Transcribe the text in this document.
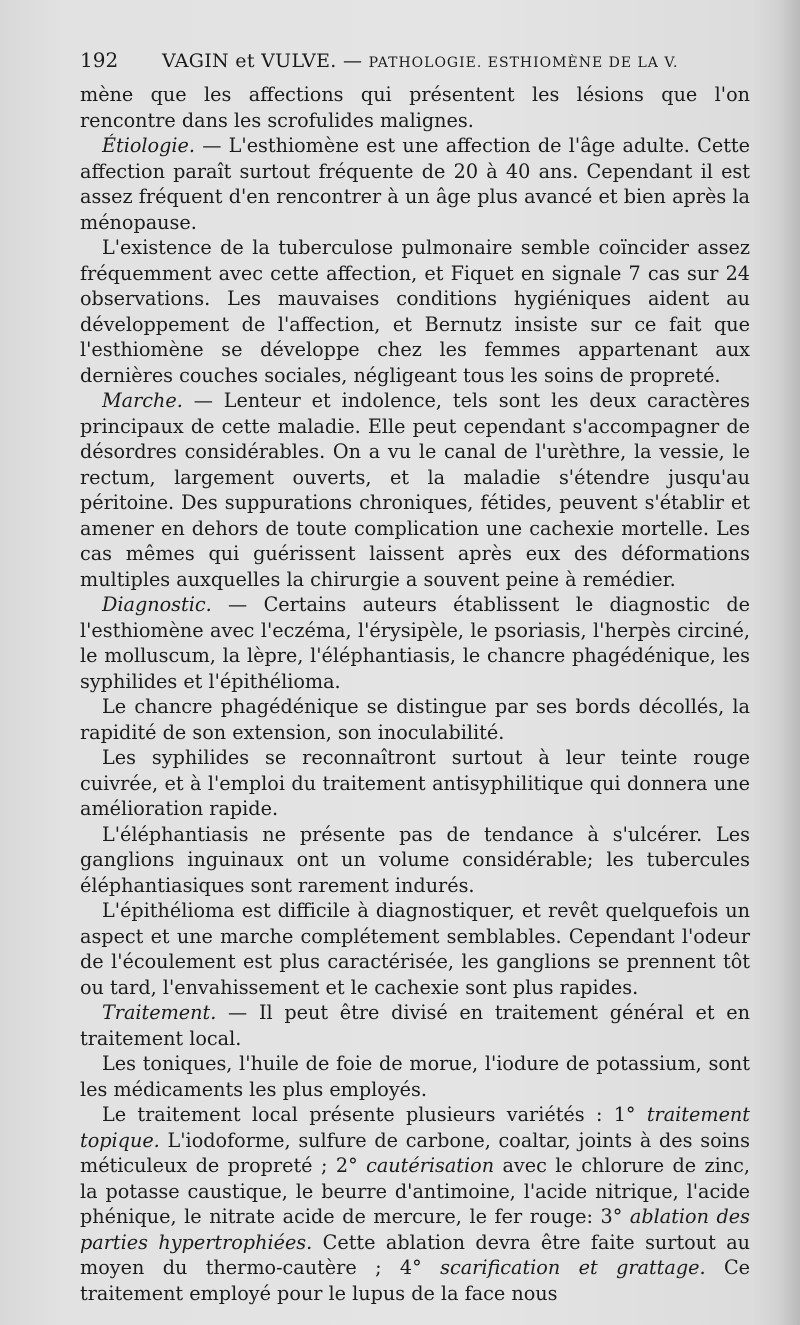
192	VAGIN et VULVE. — PATHOLOGIE. ESTHIOMÈNE DE LA V.

mène que les affections qui présentent les lésions que l'on rencontre dans les scrofulides malignes.

Étiologie. — L'esthiomène est une affection de l'âge adulte. Cette affection paraît surtout fréquente de 20 à 40 ans. Cependant il est assez fréquent d'en rencontrer à un âge plus avancé et bien après la ménopause.

L'existence de la tuberculose pulmonaire semble coïncider assez fréquemment avec cette affection, et Fiquet en signale 7 cas sur 24 observations. Les mauvaises conditions hygiéniques aident au développement de l'affection, et Bernutz insiste sur ce fait que l'esthiomène se développe chez les femmes appartenant aux dernières couches sociales, négligeant tous les soins de propreté.

Marche. — Lenteur et indolence, tels sont les deux caractères principaux de cette maladie. Elle peut cependant s'accompagner de désordres considérables. On a vu le canal de l'urèthre, la vessie, le rectum, largement ouverts, et la maladie s'étendre jusqu'au péritoine. Des suppurations chroniques, fétides, peuvent s'établir et amener en dehors de toute complication une cachexie mortelle. Les cas mêmes qui guérissent laissent après eux des déformations multiples auxquelles la chirurgie a souvent peine à remédier.

Diagnostic. — Certains auteurs établissent le diagnostic de l'esthiomène avec l'eczéma, l'érysipèle, le psoriasis, l'herpès circiné, le molluscum, la lèpre, l'éléphantiasis, le chancre phagédénique, les syphilides et l'épithélioma.

Le chancre phagédénique se distingue par ses bords décollés, la rapidité de son extension, son inoculabilité.

Les syphilides se reconnaîtront surtout à leur teinte rouge cuivrée, et à l'emploi du traitement antisyphilitique qui donnera une amélioration rapide.

L'éléphantiasis ne présente pas de tendance à s'ulcérer. Les ganglions inguinaux ont un volume considérable; les tubercules éléphantiasiques sont rarement indurés.

L'épithélioma est difficile à diagnostiquer, et revêt quelquefois un aspect et une marche complétement semblables. Cependant l'odeur de l'écoulement est plus caractérisée, les ganglions se prennent tôt ou tard, l'envahissement et le cachexie sont plus rapides.

Traitement. — Il peut être divisé en traitement général et en traitement local.

Les toniques, l'huile de foie de morue, l'iodure de potassium, sont les médicaments les plus employés.

Le traitement local présente plusieurs variétés : 1° traitement topique. L'iodoforme, sulfure de carbone, coaltar, joints à des soins méticuleux de propreté ; 2° cautérisation avec le chlorure de zinc, la potasse caustique, le beurre d'antimoine, l'acide nitrique, l'acide phénique, le nitrate acide de mercure, le fer rouge: 3° ablation des parties hypertrophiées. Cette ablation devra être faite surtout au moyen du thermo-cautère ; 4° scarification et grattage. Ce traitement employé pour le lupus de la face nous
